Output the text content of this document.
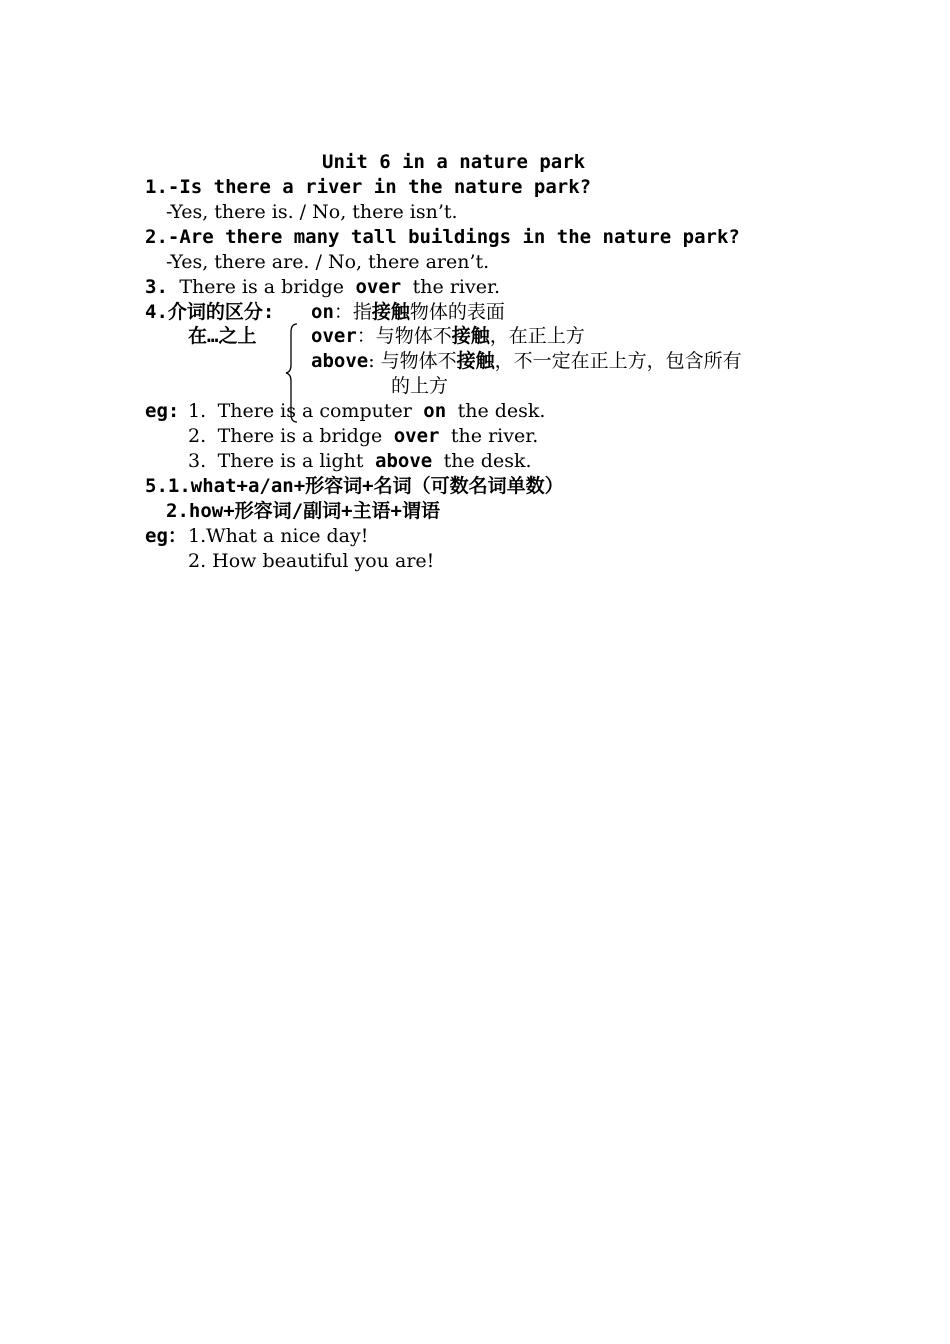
Unit 6 in a nature park
1.-Is there a river in the nature park?
-Yes, there is. / No, there isn’t.
2.-Are there many tall buildings in the nature park?
-Yes, there are. / No, there aren’t.
3. There is a bridge over the river.
4.介词的区分: on：指接触物体的表面
在…之上	over：与物体不接触，在正上方
above: 与物体不接触，不一定在正上方，包含所有
的上方
eg: 1. There is a computer on the desk.
2. There is a bridge over the river.
3. There is a light above the desk.
5.1.what+a/an+形容词+名词（可数名词单数）
2.how+形容词/副词+主语+谓语
eg： 1.What a nice day!
2. How beautiful you are!
